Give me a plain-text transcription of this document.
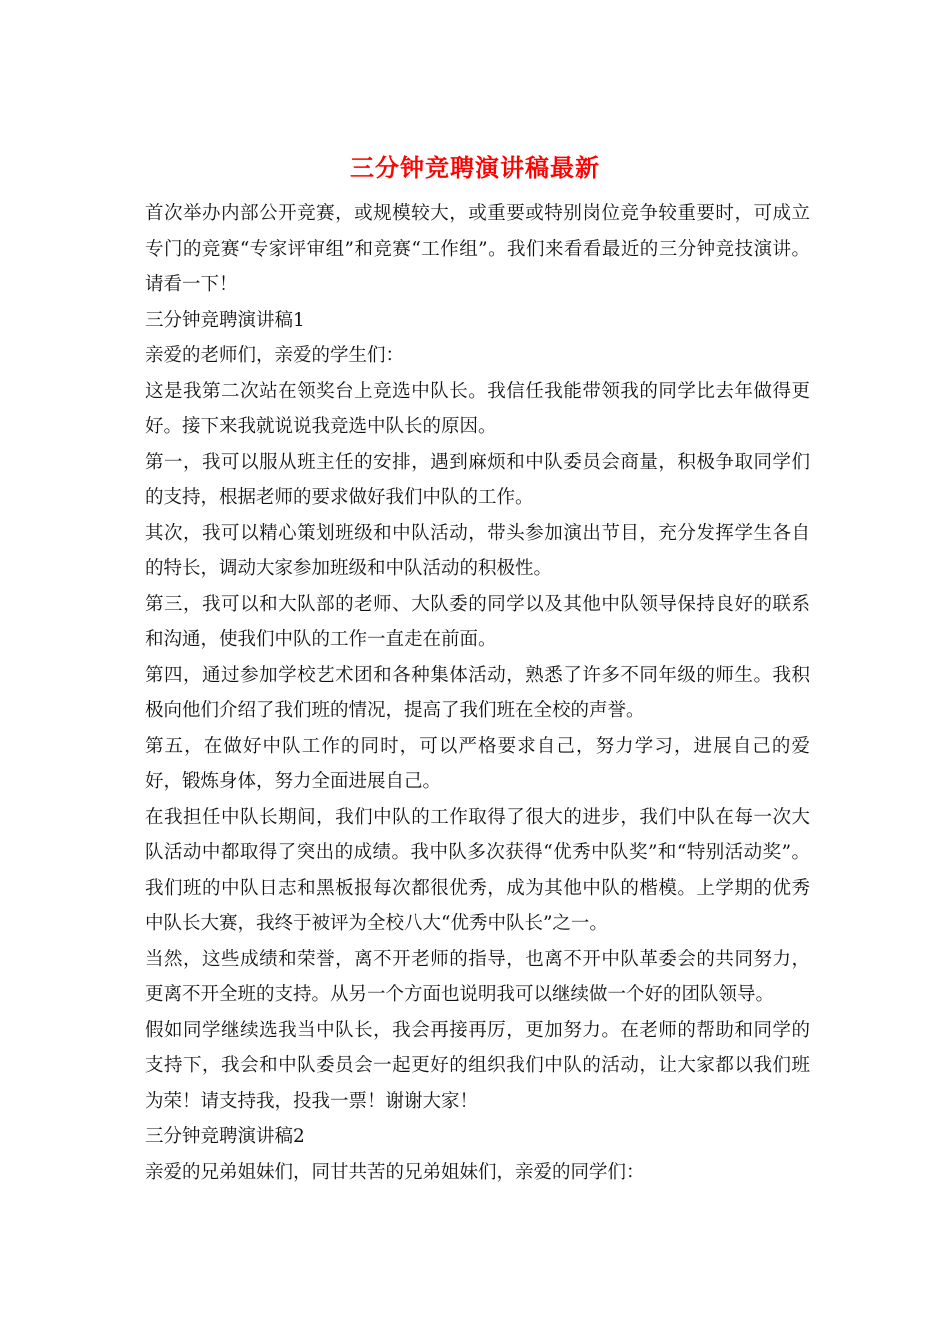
三分钟竞聘演讲稿最新

首次举办内部公开竞赛，或规模较大，或重要或特别岗位竞争较重要时，可成立专门的竞赛“专家评审组”和竞赛“工作组”。我们来看看最近的三分钟竞技演讲。请看一下！

三分钟竞聘演讲稿1

亲爱的老师们，亲爱的学生们：

这是我第二次站在领奖台上竞选中队长。我信任我能带领我的同学比去年做得更好。接下来我就说说我竞选中队长的原因。

第一，我可以服从班主任的安排，遇到麻烦和中队委员会商量，积极争取同学们的支持，根据老师的要求做好我们中队的工作。

其次，我可以精心策划班级和中队活动，带头参加演出节目，充分发挥学生各自的特长，调动大家参加班级和中队活动的积极性。

第三，我可以和大队部的老师、大队委的同学以及其他中队领导保持良好的联系和沟通，使我们中队的工作一直走在前面。

第四，通过参加学校艺术团和各种集体活动，熟悉了许多不同年级的师生。我积极向他们介绍了我们班的情况，提高了我们班在全校的声誉。

第五，在做好中队工作的同时，可以严格要求自己，努力学习，进展自己的爱好，锻炼身体，努力全面进展自己。

在我担任中队长期间，我们中队的工作取得了很大的进步，我们中队在每一次大队活动中都取得了突出的成绩。我中队多次获得“优秀中队奖”和“特别活动奖”。我们班的中队日志和黑板报每次都很优秀，成为其他中队的楷模。上学期的优秀中队长大赛，我终于被评为全校八大“优秀中队长”之一。

当然，这些成绩和荣誉，离不开老师的指导，也离不开中队革委会的共同努力，更离不开全班的支持。从另一个方面也说明我可以继续做一个好的团队领导。

假如同学继续选我当中队长，我会再接再厉，更加努力。在老师的帮助和同学的支持下，我会和中队委员会一起更好的组织我们中队的活动，让大家都以我们班为荣！请支持我，投我一票！谢谢大家！

三分钟竞聘演讲稿2

亲爱的兄弟姐妹们，同甘共苦的兄弟姐妹们，亲爱的同学们：
